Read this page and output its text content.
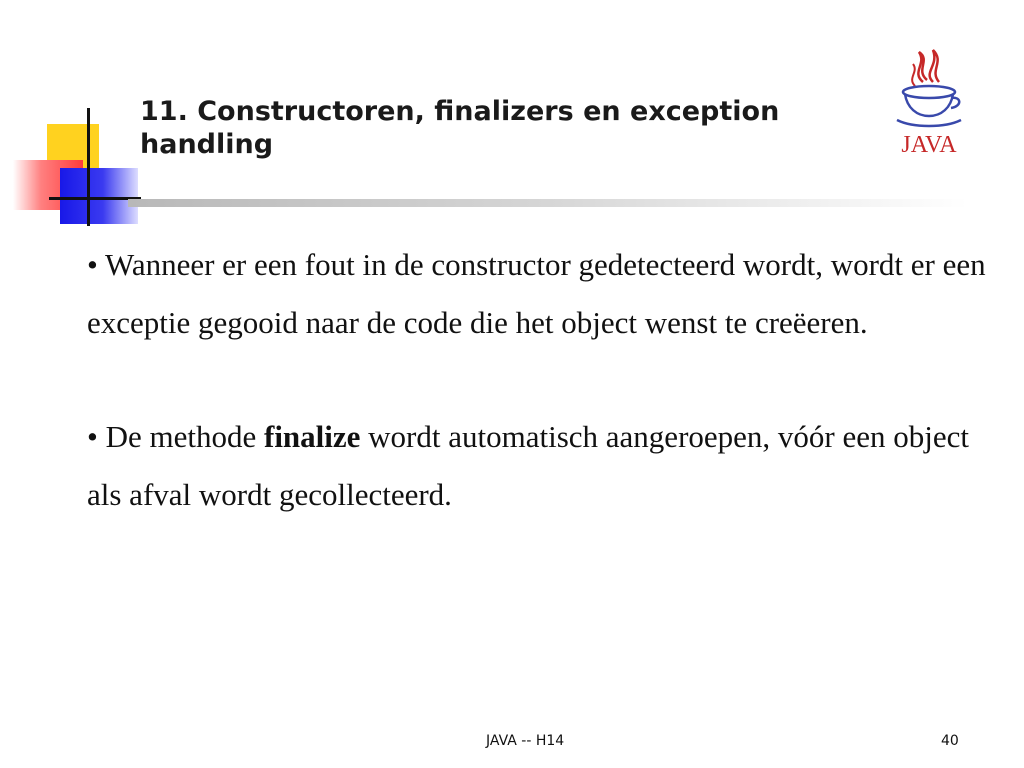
11. Constructoren, finalizers en exception handling	JAVA

• Wanneer er een fout in de constructor gedetecteerd wordt, wordt er een exceptie gegooid naar de code die het object wenst te creëeren.

• De methode finalize wordt automatisch aangeroepen, vóór een object als afval wordt gecollecteerd.

JAVA -- H14	40
